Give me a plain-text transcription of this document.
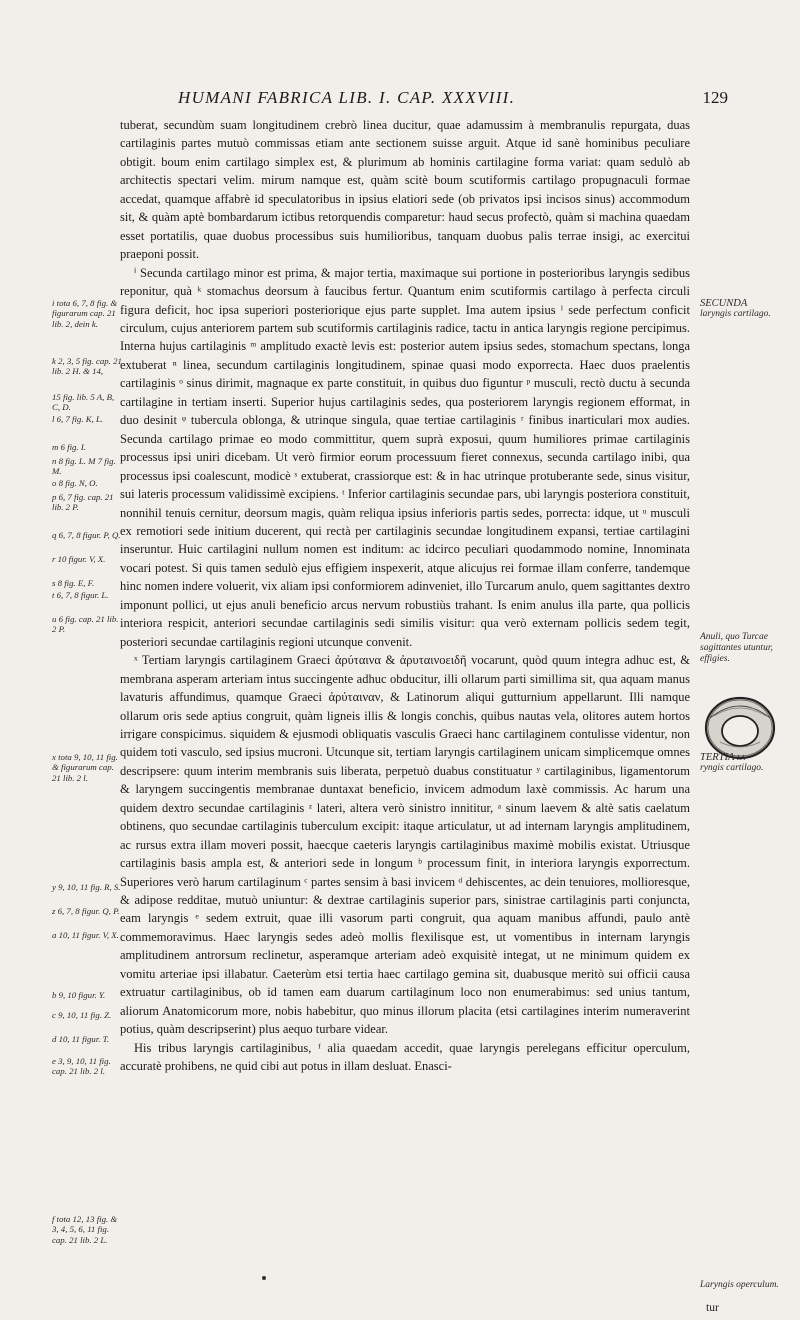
HUMANI FABRICA LIB. I. CAP. XXXVIII.	129

tuberat, secundùm suam longitudinem crebrò linea ducitur, quae adamussim à membranulis repurgata, duas cartilaginis partes mutuò commissas etiam ante sectionem suisse arguit. Atque id sanè hominibus peculiare obtigit. boum enim cartilago simplex est, & plurimum ab hominis cartilagine forma variat: quam sedulò ab architectis spectari velim. mirum namque est, quàm scitè boum scutiformis cartilago propugnaculi formae accedat, quamque affabrè id speculatoribus in ipsius elatiori sede (ob privatos ipsi incisos sinus) accommodum sit, & quàm aptè bombardarum ictibus retorquendis comparetur: haud secus profectò, quàm si machina quaedam esset portatilis, quae duobus processibus suis humilioribus, tanquam duobus palis terrae insigi, ac exercitui praeponi possit.

ⁱ Secunda cartilago minor est prima, & major tertia, maximaque sui portione in posterioribus laryngis sedibus reponitur, quà ᵏ stomachus deorsum à faucibus fertur. Quantum enim scutiformis cartilago à perfecta circuli figura deficit, hoc ipsa superiori posteriorique ejus parte supplet. Ima autem ipsius ˡ sede perfectum conficit circulum, cujus anteriorem partem sub scutiformis cartilaginis radice, tactu in antica laryngis regione percipimus. Interna hujus cartilaginis ᵐ amplitudo exactè levis est: posterior autem ipsius sedes, stomachum spectans, longa extuberat ⁿ linea, secundum cartilaginis longitudinem, spinae quasi modo exporrecta. Haec duos praelentis cartilaginis ᵒ sinus dirimit, magnaque ex parte constituit, in quibus duo figuntur ᵖ musculi, rectò ductu à secunda cartilagine in tertiam inserti. Superior hujus cartilaginis sedes, qua posteriorem laryngis regionem efformat, in duo desinit ᵠ tubercula oblonga, & utrinque singula, quae tertiae cartilaginis ʳ finibus inarticulari mox audies. Secunda cartilago primae eo modo committitur, quem suprà exposui, quum humiliores primae cartilaginis processus ipsi uniri dicebam. Ut verò firmior eorum processuum fieret connexus, secunda cartilago inibi, qua processus ipsi coalescunt, modicè ˢ extuberat, crassiorque est: & in hac utrinque protuberante sede, sinus visitur, sui lateris processum validissimè excipiens. ᵗ Inferior cartilaginis secundae pars, ubi laryngis posteriora constituit, nonnihil tenuis cernitur, deorsum magis, quàm reliqua ipsius inferioris partis sedes, porrecta: idque, ut ᵘ musculi ex remotiori sede initium ducerent, qui rectà per cartilaginis secundae longitudinem expansi, tertiae cartilagini inseruntur. Huic cartilagini nullum nomen est inditum: ac idcirco peculiari quodammodo nomine, Innominata vocari potest. Si quis tamen sedulò ejus effigiem inspexerit, atque alicujus rei formae illam conferre, tandemque hinc nomen indere voluerit, vix aliam ipsi conformiorem adinveniet, illo Turcarum anulo, quem sagittantes dextro imponunt pollici, ut ejus anuli beneficio arcus nervum robustiùs trahant. Is enim anulus illa parte, qua pollicis interiora respicit, anteriori secundae cartilaginis sedi similis visitur: qua verò externam pollicis sedem tegit, posteriori secundae cartilaginis regioni utcunque convenit.

ˣ Tertiam laryngis cartilaginem Graeci ἀρύταινα & ἀρυταινοειδῆ vocarunt, quòd quum integra adhuc est, & membrana asperam arteriam intus succingente adhuc obducitur, illi ollarum parti simillima sit, qua aquam manus lavaturis affundimus, quamque Graeci ἀρύταιναν, & Latinorum aliqui gutturnium appellarunt. Illi namque ollarum oris sede aptius congruit, quàm ligneis illis & longis conchis, quibus nautas vela, olitores autem hortos irrigare conspicimus. siquidem & ejusmodi obliquatis vasculis Graeci hanc cartilaginem contulisse videntur, non quidem toti vasculo, sed ipsius mucroni. Utcunque sit, tertiam laryngis cartilaginem unicam simplicemque omnes descripsere: quum interim membranis suis liberata, perpetuò duabus constituatur ʸ cartilaginibus, ligamentorum & laryngem succingentis membranae duntaxat beneficio, invicem admodum laxè commissis. Ac harum una quidem dextro secundae cartilaginis ᶻ lateri, altera verò sinistro innititur, ᵃ sinum laevem & altè satis caelatum obtinens, quo secundae cartilaginis tuberculum excipit: itaque articulatur, ut ad internam laryngis amplitudinem, ac rursus extra illam moveri possit, haecque caeteris laryngis cartilaginibus maximè mobilis existat. Utriusque cartilaginis basis ampla est, & anteriori sede in longum ᵇ processum finit, in interiora laryngis exporrectum. Superiores verò harum cartilaginum ᶜ partes sensim à basi invicem ᵈ dehiscentes, ac dein tenuiores, mollioresque, & adipose redditae, mutuò uniuntur: & dextrae cartilaginis superior pars, sinistrae cartilaginis parti conjuncta, eam laryngis ᵉ sedem extruit, quae illi vasorum parti congruit, qua aquam manibus affundi, paulo antè commemoravimus. Haec laryngis sedes adeò mollis flexilisque est, ut vomentibus in internam laryngis amplitudinem antrorsum reclinetur, asperamque arteriam adeò exquisitè integat, ut ne minimum quidem ex vomitu arteriae ipsi illabatur. Caeterùm etsi tertia haec cartilago gemina sit, duabusque meritò sui officii causa extruatur cartilaginibus, ob id tamen eam duarum cartilaginum loco non enumerabimus: sed unius tantum, aliorum Anatomicorum more, nobis habebitur, quo minus illorum placita (etsi cartilagines interim numeraverint potius, quàm descripserint) plus aequo turbare videar.

His tribus laryngis cartilaginibus, ᶠ alia quaedam accedit, quae laryngis perelegans efficitur operculum, accuratè prohibens, ne quid cibi aut potus in illam desluat. Enasci-

i tota 6, 7, 8 fig. & figurarum cap. 21 lib. 2, dein k.
k 2, 3, 5 fig. cap. 21 lib. 2 H. & 14,
15 fig. lib. 5 A, B, C, D.
l 6, 7 fig. K, L.
m 6 fig. I.
n 8 fig. L. M 7 fig. M.
o 8 fig. N, O.
p 6, 7 fig. cap. 21 lib. 2 P.
q 6, 7, 8 figur. P, Q.
r 10 figur. V, X.
s 8 fig. E, F.
t 6, 7, 8 figur. L.
u 6 fig. cap. 21 lib. 2 P.
x tota 9, 10, 11 fig. & figurarum cap. 21 lib. 2 l.
y 9, 10, 11 fig. R, S.
z 6, 7, 8 figur. Q, P.
a 10, 11 figur. V, X.
b 9, 10 figur. Y.
c 9, 10, 11 fig. Z.
d 10, 11 figur. T.
e 3, 9, 10, 11 fig. cap. 21 lib. 2 l.
f tota 12, 13 fig. & 3, 4, 5, 6, 11 fig. cap. 21 lib. 2 L.
SECUNDA
laryngis cartilago.
Anuli, quo Turcae sagittantes utuntur, effigies.
TERTIA la-
ryngis cartilago.
Laryngis operculum.
tur
